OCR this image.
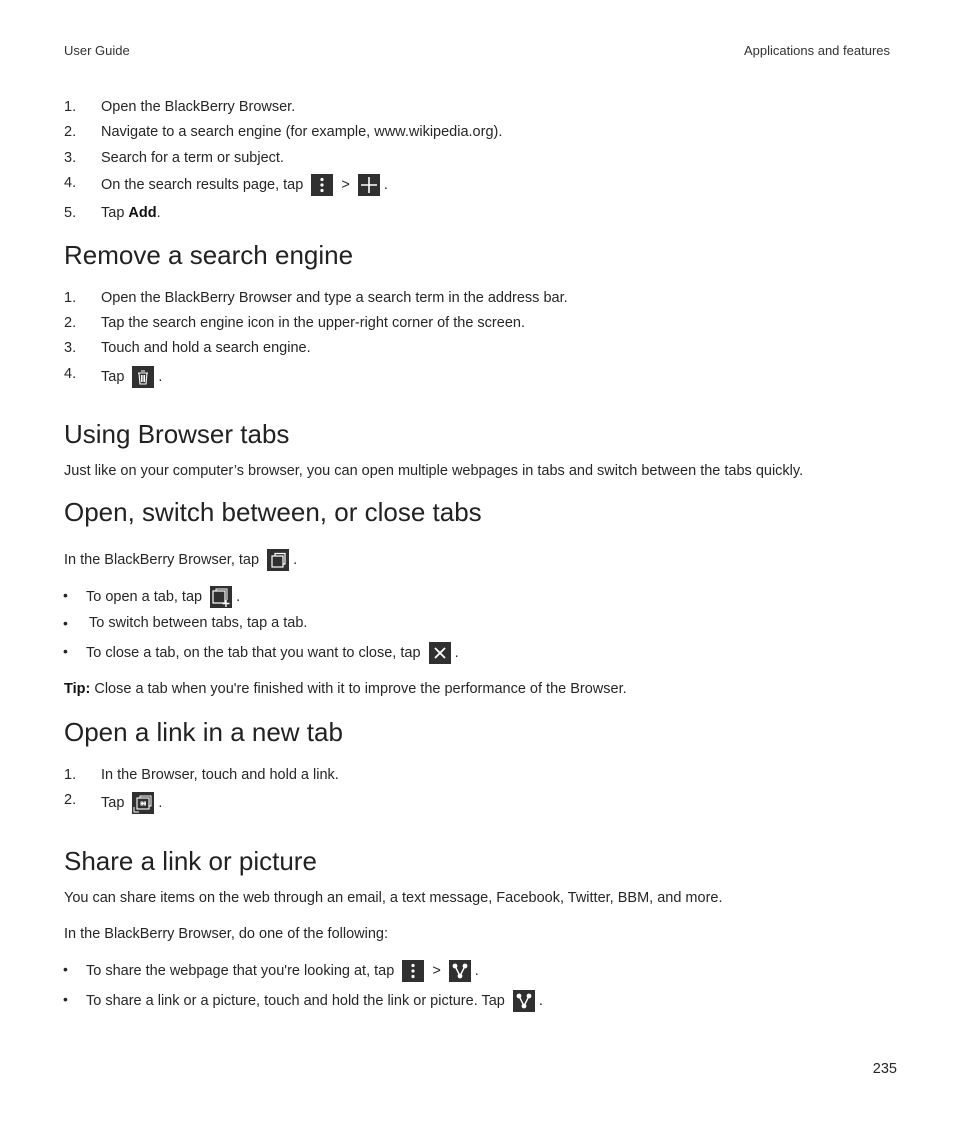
User Guide	Applications and features
1. Open the BlackBerry Browser.
2. Navigate to a search engine (for example, www.wikipedia.org).
3. Search for a term or subject.
4. On the search results page, tap	> .
5. Tap Add.
Remove a search engine
1. Open the BlackBerry Browser and type a search term in the address bar.
2. Tap the search engine icon in the upper-right corner of the screen.
3. Touch and hold a search engine.
4. Tap .
Using Browser tabs
Just like on your computer’s browser, you can open multiple webpages in tabs and switch between the tabs quickly.
Open, switch between, or close tabs
In the BlackBerry Browser, tap .
• To open a tab, tap .
• To switch between tabs, tap a tab.
• To close a tab, on the tab that you want to close, tap .
Tip: Close a tab when you're finished with it to improve the performance of the Browser.
Open a link in a new tab
1. In the Browser, touch and hold a link.
2. Tap .
Share a link or picture
You can share items on the web through an email, a text message, Facebook, Twitter, BBM, and more.
In the BlackBerry Browser, do one of the following:
• To share the webpage that you're looking at, tap	> .
• To share a link or a picture, touch and hold the link or picture. Tap .
235
